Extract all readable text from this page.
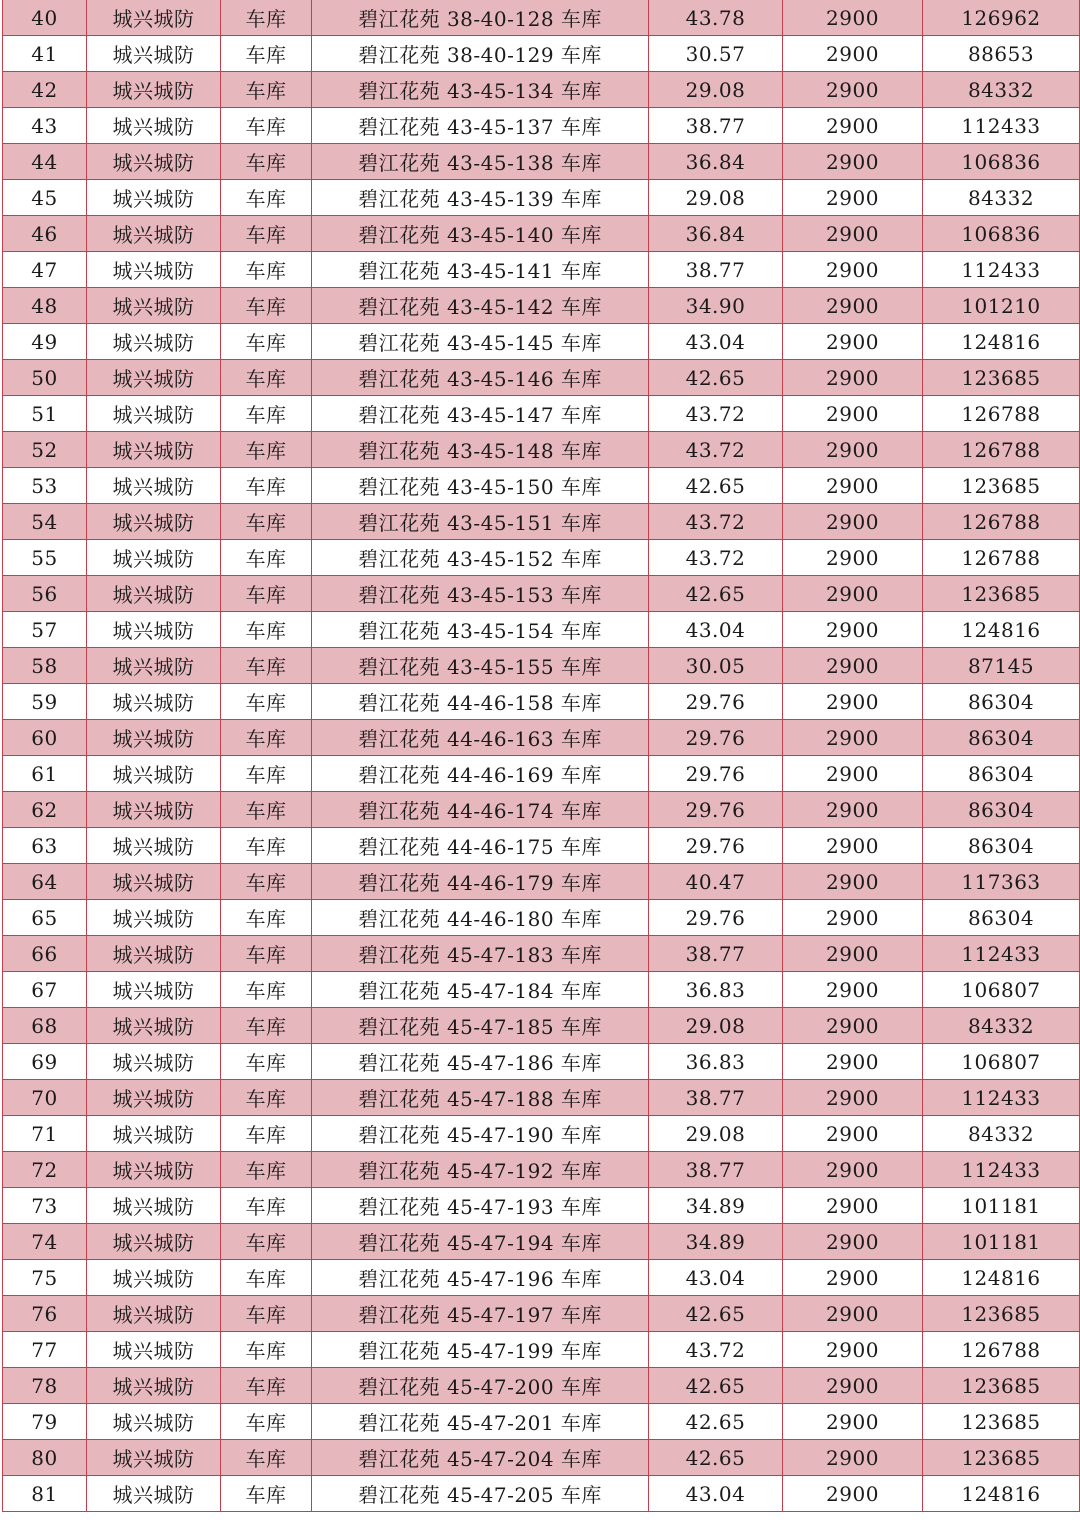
40	城兴城防	车库	碧江花苑 38-40-128 车库	43.78	2900	126962
41	城兴城防	车库	碧江花苑 38-40-129 车库	30.57	2900	88653
42	城兴城防	车库	碧江花苑 43-45-134 车库	29.08	2900	84332
43	城兴城防	车库	碧江花苑 43-45-137 车库	38.77	2900	112433
44	城兴城防	车库	碧江花苑 43-45-138 车库	36.84	2900	106836
45	城兴城防	车库	碧江花苑 43-45-139 车库	29.08	2900	84332
46	城兴城防	车库	碧江花苑 43-45-140 车库	36.84	2900	106836
47	城兴城防	车库	碧江花苑 43-45-141 车库	38.77	2900	112433
48	城兴城防	车库	碧江花苑 43-45-142 车库	34.90	2900	101210
49	城兴城防	车库	碧江花苑 43-45-145 车库	43.04	2900	124816
50	城兴城防	车库	碧江花苑 43-45-146 车库	42.65	2900	123685
51	城兴城防	车库	碧江花苑 43-45-147 车库	43.72	2900	126788
52	城兴城防	车库	碧江花苑 43-45-148 车库	43.72	2900	126788
53	城兴城防	车库	碧江花苑 43-45-150 车库	42.65	2900	123685
54	城兴城防	车库	碧江花苑 43-45-151 车库	43.72	2900	126788
55	城兴城防	车库	碧江花苑 43-45-152 车库	43.72	2900	126788
56	城兴城防	车库	碧江花苑 43-45-153 车库	42.65	2900	123685
57	城兴城防	车库	碧江花苑 43-45-154 车库	43.04	2900	124816
58	城兴城防	车库	碧江花苑 43-45-155 车库	30.05	2900	87145
59	城兴城防	车库	碧江花苑 44-46-158 车库	29.76	2900	86304
60	城兴城防	车库	碧江花苑 44-46-163 车库	29.76	2900	86304
61	城兴城防	车库	碧江花苑 44-46-169 车库	29.76	2900	86304
62	城兴城防	车库	碧江花苑 44-46-174 车库	29.76	2900	86304
63	城兴城防	车库	碧江花苑 44-46-175 车库	29.76	2900	86304
64	城兴城防	车库	碧江花苑 44-46-179 车库	40.47	2900	117363
65	城兴城防	车库	碧江花苑 44-46-180 车库	29.76	2900	86304
66	城兴城防	车库	碧江花苑 45-47-183 车库	38.77	2900	112433
67	城兴城防	车库	碧江花苑 45-47-184 车库	36.83	2900	106807
68	城兴城防	车库	碧江花苑 45-47-185 车库	29.08	2900	84332
69	城兴城防	车库	碧江花苑 45-47-186 车库	36.83	2900	106807
70	城兴城防	车库	碧江花苑 45-47-188 车库	38.77	2900	112433
71	城兴城防	车库	碧江花苑 45-47-190 车库	29.08	2900	84332
72	城兴城防	车库	碧江花苑 45-47-192 车库	38.77	2900	112433
73	城兴城防	车库	碧江花苑 45-47-193 车库	34.89	2900	101181
74	城兴城防	车库	碧江花苑 45-47-194 车库	34.89	2900	101181
75	城兴城防	车库	碧江花苑 45-47-196 车库	43.04	2900	124816
76	城兴城防	车库	碧江花苑 45-47-197 车库	42.65	2900	123685
77	城兴城防	车库	碧江花苑 45-47-199 车库	43.72	2900	126788
78	城兴城防	车库	碧江花苑 45-47-200 车库	42.65	2900	123685
79	城兴城防	车库	碧江花苑 45-47-201 车库	42.65	2900	123685
80	城兴城防	车库	碧江花苑 45-47-204 车库	42.65	2900	123685
81	城兴城防	车库	碧江花苑 45-47-205 车库	43.04	2900	124816
